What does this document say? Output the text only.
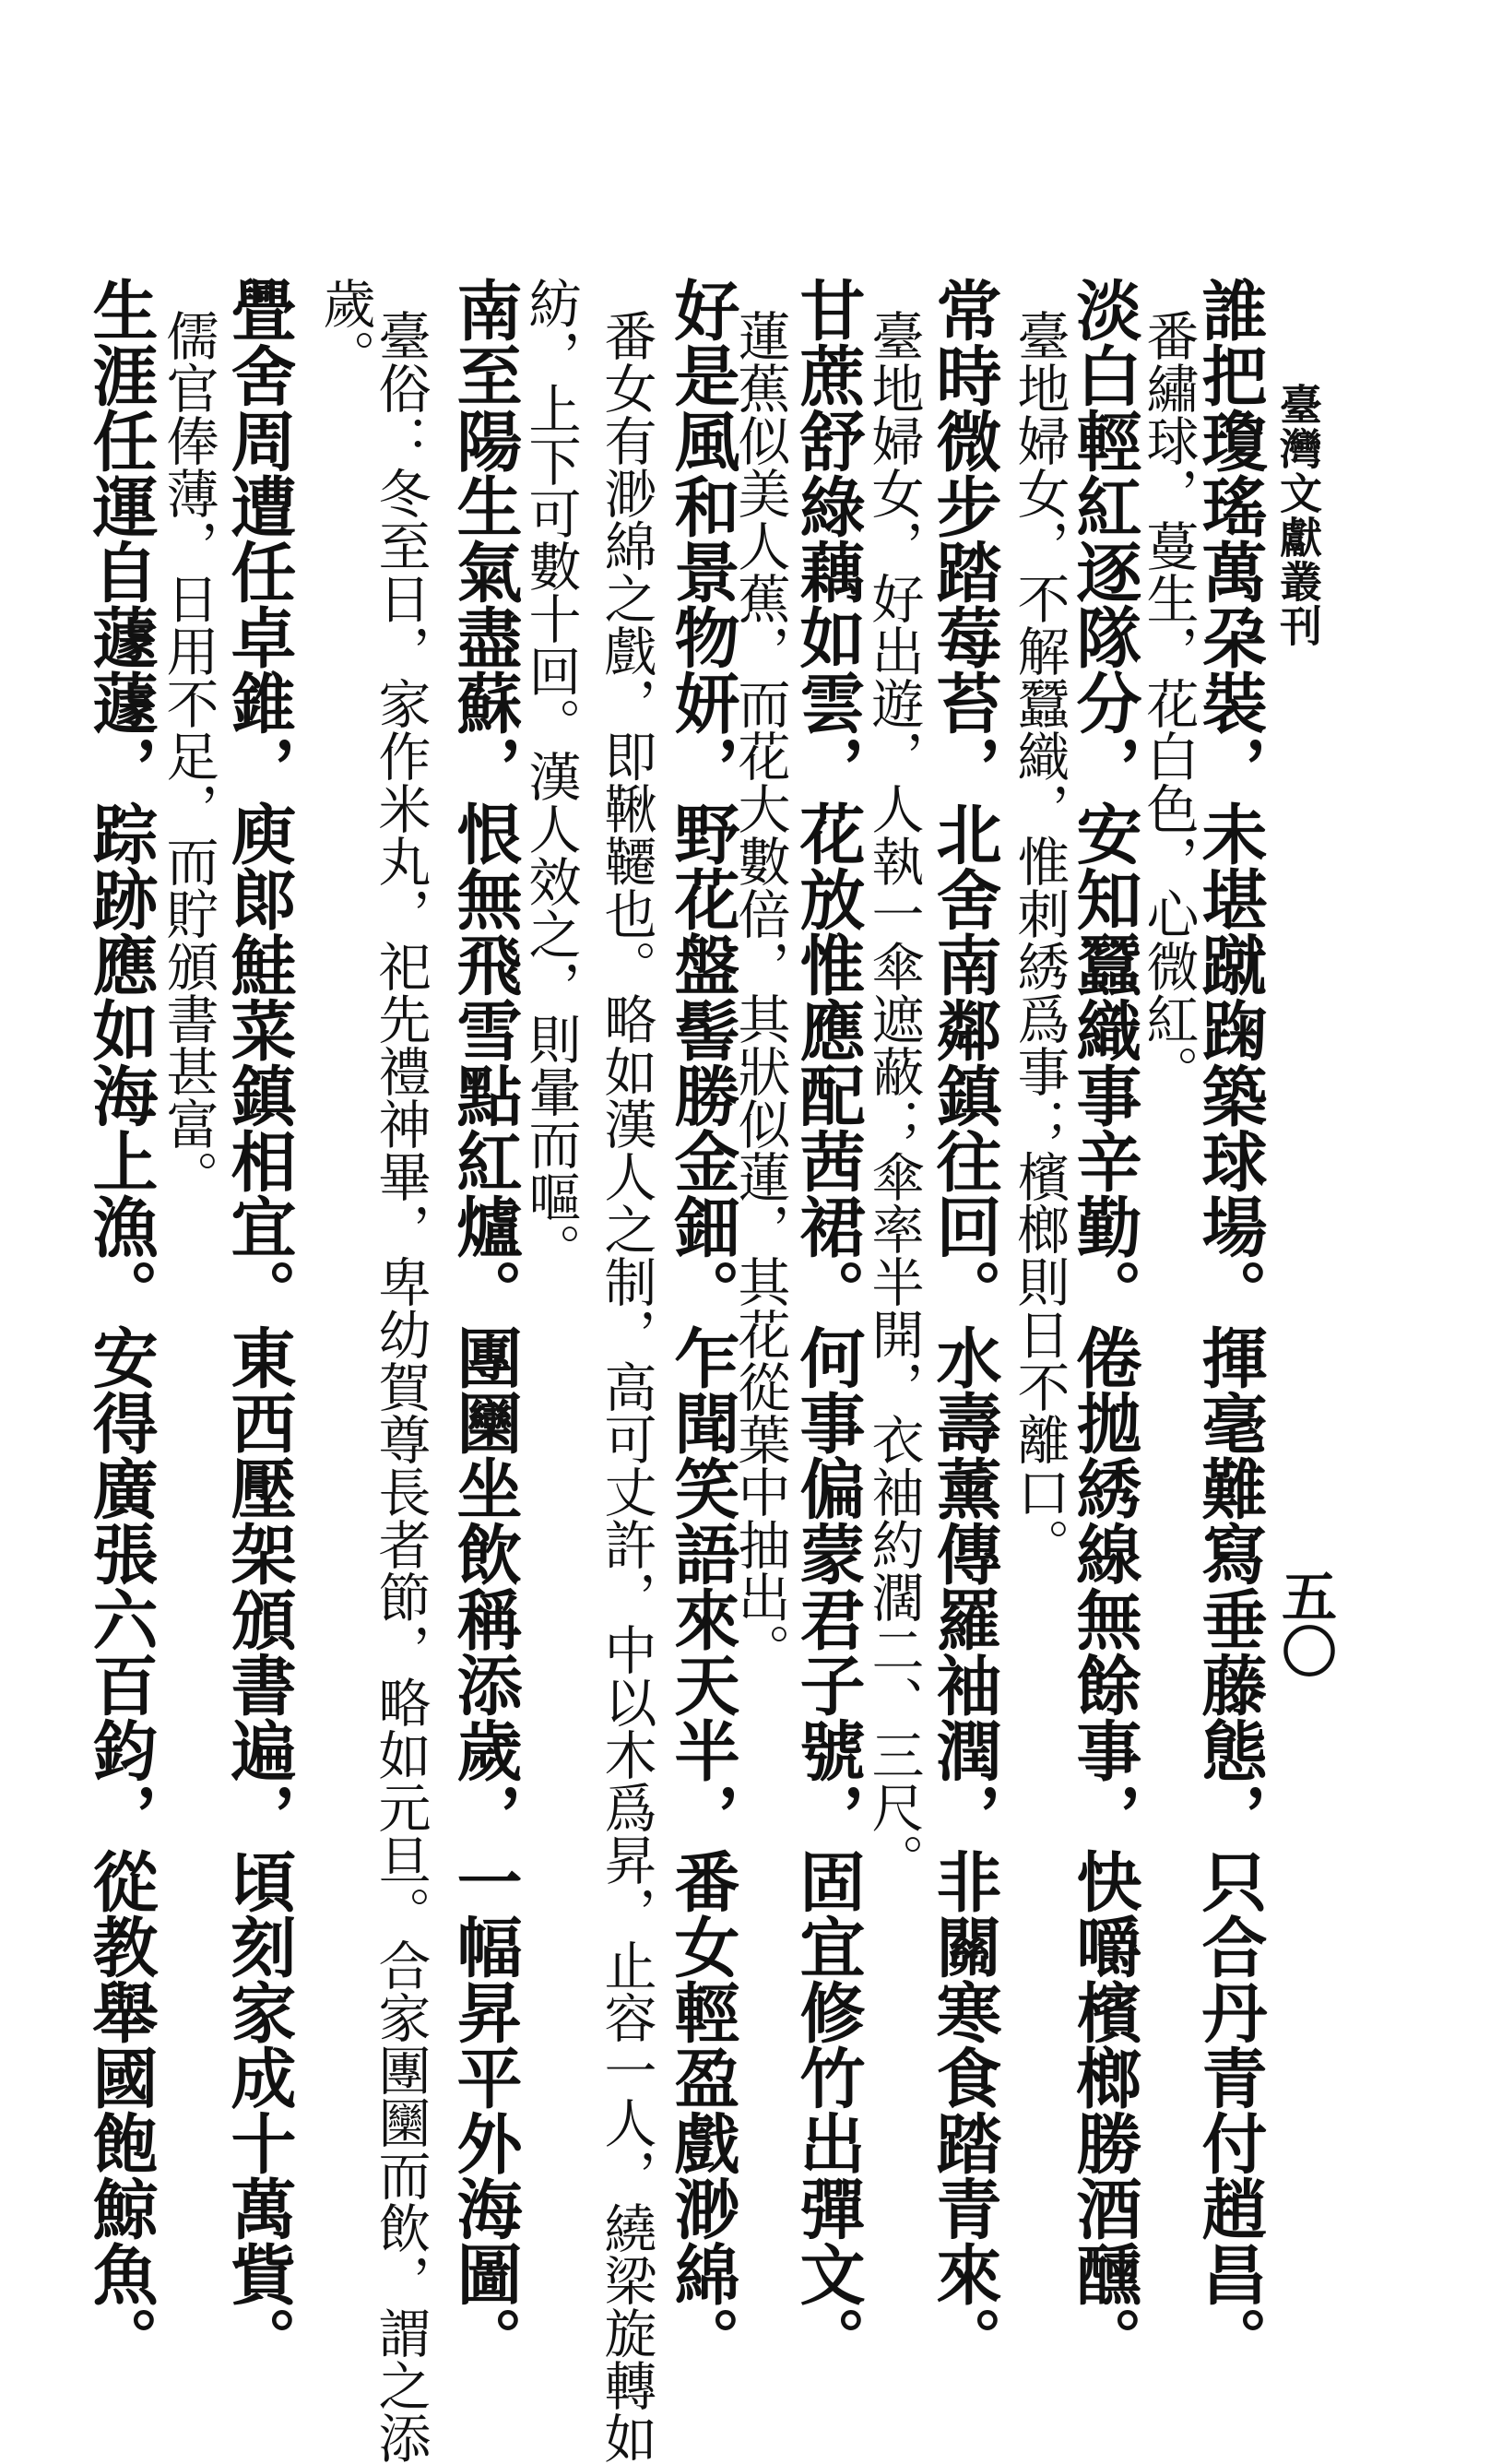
臺灣文獻叢刊
五〇
誰把瓊瑤萬朶裝，未堪蹴踘築球場。揮毫難寫垂藤態，只合丹青付趙昌。
番繡球，蔓生，花白色，心微紅。
淡白輕紅逐隊分，安知蠶織事辛勤。倦拋綉線無餘事，快嚼檳榔勝酒醺。
臺地婦女，不解蠶織，惟刺綉爲事；檳榔則日不離口。
常時微步踏莓苔，北舍南鄰鎮往回。水壽薰傳羅袖潤，非關寒食踏青來。
臺地婦女，好出遊，人執一傘遮蔽；傘率半開，衣袖約濶二、三尺。
甘蔗舒綠藕如雲，花放惟應配茜裙。何事偏蒙君子號，固宜修竹出彈文。
蓮蕉似美人蕉，而花大數倍，其狀似蓮，其花從葉中抽出。
好是風和景物妍，野花盤髻勝金鈿。乍聞笑語來天半，番女輕盈戲渺綿。
番女有渺綿之戲，即鞦韆也。略如漢人之制，高可丈許，中以木爲昇，止容一人，繞梁旋轉如
紡，上下可數十回。漢人效之，則暈而嘔。
南至陽生氣盡蘇，恨無飛雪點紅爐。團圞坐飲稱添歲，一幅昇平外海圖。
臺俗：冬至日，家作米丸，祀先禮神畢，卑幼賀尊長者節，略如元旦。合家團圞而飲，謂之添
歲。
舋舍周遭任卓錐，庾郞鮭菜鎮相宜。東西壓架頒書遍，頃刻家成十萬貲。
儒官俸薄，日用不足，而貯頒書甚富。
生涯任運自蘧蘧，踪跡應如海上漁。安得廣張六百鈞，從教舉國飽鯨魚。
